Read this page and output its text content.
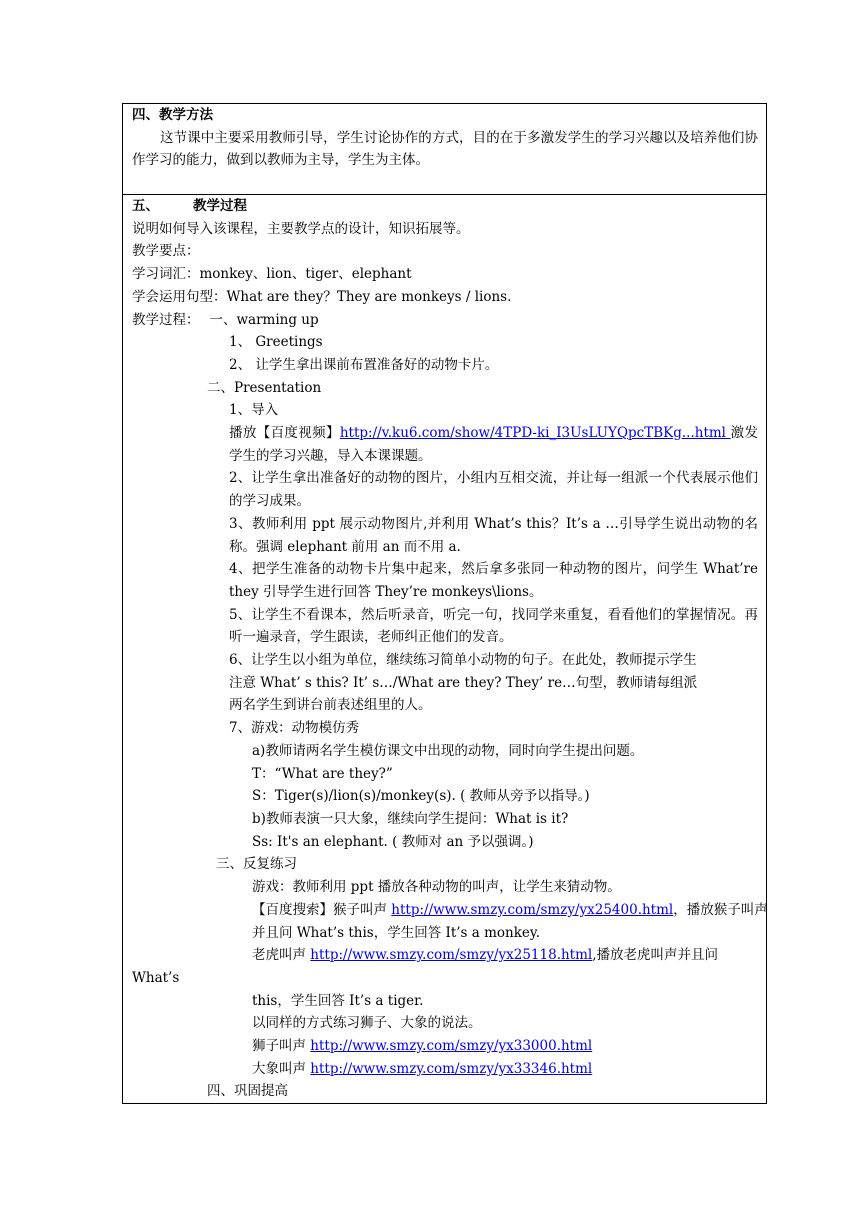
四、教学方法

这节课中主要采用教师引导，学生讨论协作的方式，目的在于多激发学生的学习兴趣以及培养他们协作学习的能力，做到以教师为主导，学生为主体。

五、	教学过程

说明如何导入该课程，主要教学点的设计，知识拓展等。

教学要点：

学习词汇：monkey、lion、tiger、elephant

学会运用句型：What are they？They are monkeys / lions.

教学过程： 一、warming up

1、 Greetings

2、 让学生拿出课前布置准备好的动物卡片。

二、Presentation

1、导入

播放【百度视频】http://v.ku6.com/show/4TPD-ki_I3UsLUYQpcTBKg...html 激发学生的学习兴趣，导入本课课题。

2、让学生拿出准备好的动物的图片，小组内互相交流，并让每一组派一个代表展示他们的学习成果。

3、教师利用 ppt 展示动物图片,并利用 What’s this？It’s a …引导学生说出动物的名称。强调 elephant 前用 an 而不用 a.

4、把学生准备的动物卡片集中起来，然后拿多张同一种动物的图片，问学生 What’re they 引导学生进行回答 They’re monkeys\lions。

5、让学生不看课本，然后听录音，听完一句，找同学来重复，看看他们的掌握情况。再听一遍录音，学生跟读，老师纠正他们的发音。

6、让学生以小组为单位，继续练习简单小动物的句子。在此处，教师提示学生

注意 What’ s this? It’ s…/What are they? They’ re…句型，教师请每组派

两名学生到讲台前表述组里的人。

7、游戏：动物模仿秀

a)教师请两名学生模仿课文中出现的动物，同时向学生提出问题。

T：“What are they?”

S：Tiger(s)/lion(s)/monkey(s). ( 教师从旁予以指导。)

b)教师表演一只大象，继续向学生提问：What is it?

Ss: It's an elephant. ( 教师对 an 予以强调。)

三、反复练习

游戏：教师利用 ppt 播放各种动物的叫声，让学生来猜动物。

【百度搜索】猴子叫声 http://www.smzy.com/smzy/yx25400.html，播放猴子叫声

并且问 What’s this，学生回答 It’s a monkey.

老虎叫声 http://www.smzy.com/smzy/yx25118.html,播放老虎叫声并且问

What’s

this，学生回答 It’s a tiger.

以同样的方式练习狮子、大象的说法。

狮子叫声 http://www.smzy.com/smzy/yx33000.html

大象叫声 http://www.smzy.com/smzy/yx33346.html

四、巩固提高
